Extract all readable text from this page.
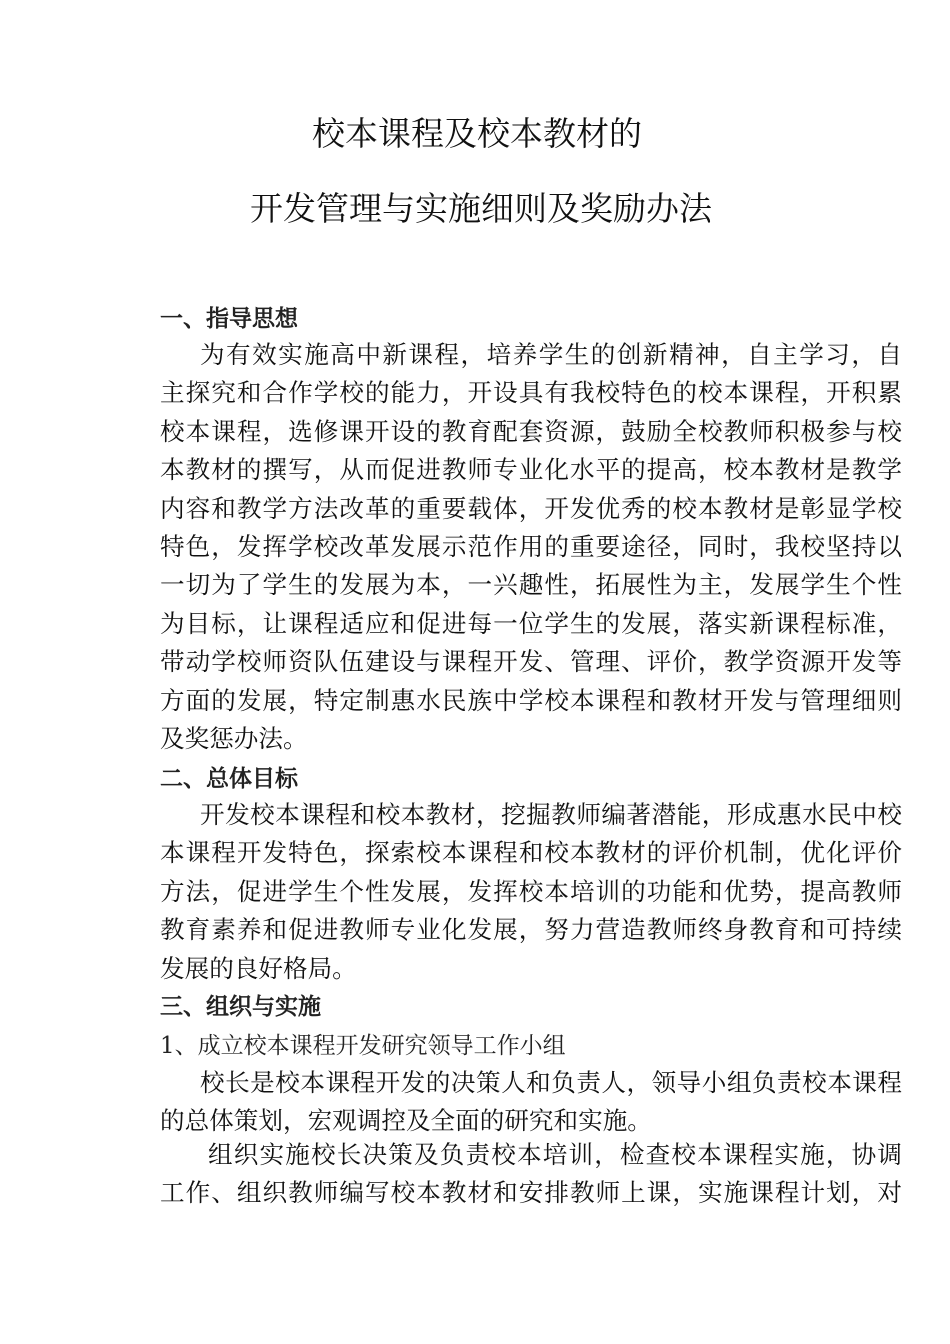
校本课程及校本教材的
开发管理与实施细则及奖励办法
一、指导思想
为有效实施高中新课程，培养学生的创新精神，自主学习，自
主探究和合作学校的能力，开设具有我校特色的校本课程，开积累
校本课程，选修课开设的教育配套资源，鼓励全校教师积极参与校
本教材的撰写，从而促进教师专业化水平的提高，校本教材是教学
内容和教学方法改革的重要载体，开发优秀的校本教材是彰显学校
特色，发挥学校改革发展示范作用的重要途径，同时，我校坚持以
一切为了学生的发展为本，一兴趣性，拓展性为主，发展学生个性
为目标，让课程适应和促进每一位学生的发展，落实新课程标准，
带动学校师资队伍建设与课程开发、管理、评价，教学资源开发等
方面的发展，特定制惠水民族中学校本课程和教材开发与管理细则
及奖惩办法。
二、总体目标
开发校本课程和校本教材，挖掘教师编著潜能，形成惠水民中校
本课程开发特色，探索校本课程和校本教材的评价机制，优化评价
方法，促进学生个性发展，发挥校本培训的功能和优势，提高教师
教育素养和促进教师专业化发展，努力营造教师终身教育和可持续
发展的良好格局。
三、组织与实施
1、成立校本课程开发研究领导工作小组
校长是校本课程开发的决策人和负责人，领导小组负责校本课程
的总体策划，宏观调控及全面的研究和实施。
组织实施校长决策及负责校本培训，检查校本课程实施，协调
工作、组织教师编写校本教材和安排教师上课，实施课程计划，对
